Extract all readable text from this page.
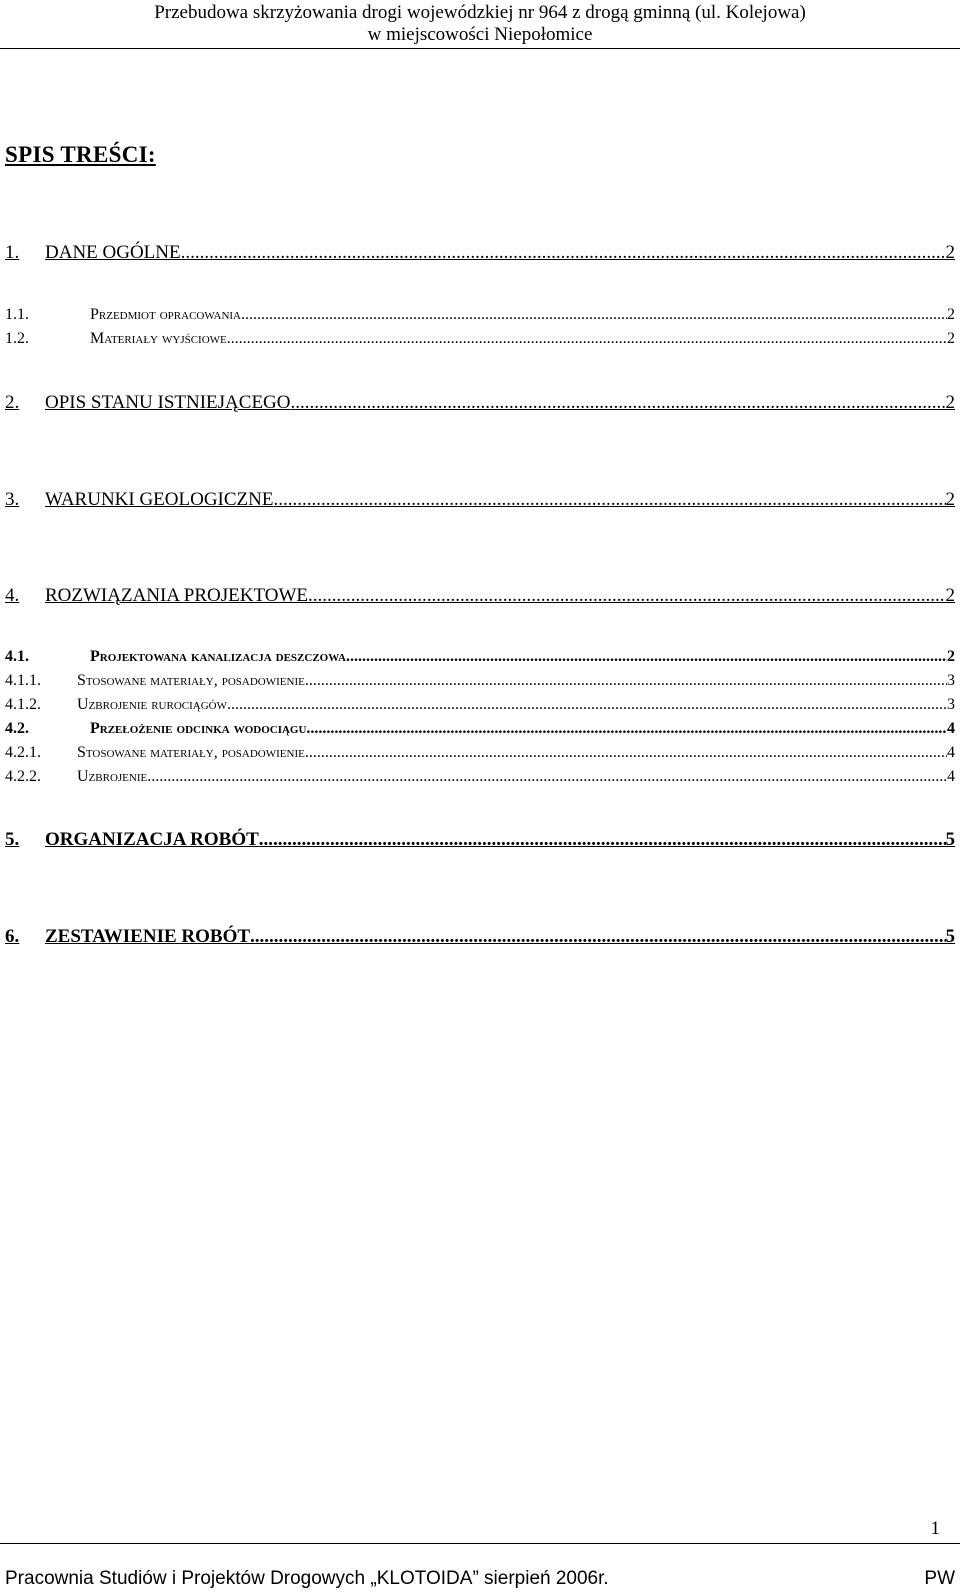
Przebudowa skrzyżowania drogi wojewódzkiej nr 964 z drogą gminną (ul. Kolejowa)
w miejscowości Niepołomice
SPIS TREŚCI:
1.	DANE OGÓLNE. .....	2
1.1.	Przedmiot opracowania. .....	2
1.2.	Materiały wyjściowe. .....	2
2.	OPIS STANU ISTNIEJĄCEGO .....	2
3.	WARUNKI GEOLOGICZNE .....	2
4.	ROZWIĄZANIA PROJEKTOWE .....	2
4.1.	Projektowana kanalizacja deszczowa .....	2
4.1.1.	Stosowane materiały, posadowienie .....	3
4.1.2.	Uzbrojenie rurociągów .....	3
4.2.	Przełożenie odcinka wodociągu. .....	4
4.2.1.	Stosowane materiały, posadowienie .....	4
4.2.2.	Uzbrojenie .....	4
5.	ORGANIZACJA ROBÓT .....	5
6.	ZESTAWIENIE ROBÓT .....	5
1
Pracownia Studiów i Projektów Drogowych „KLOTOIDA” sierpień 2006r.	PW
